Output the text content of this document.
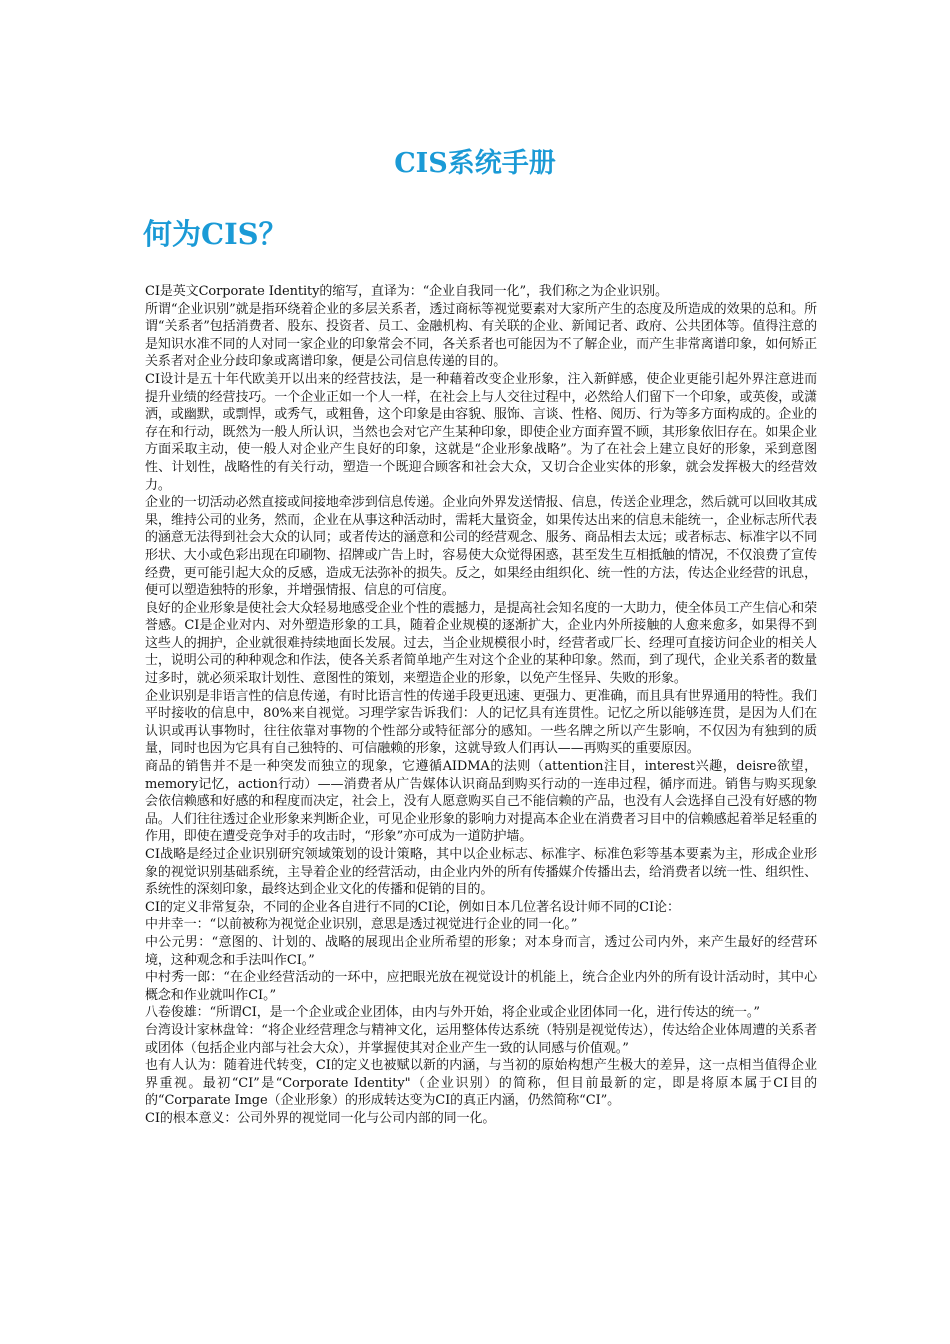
CIS系统手册
何为CIS？

CI是英文Corporate Identity的缩写，直译为：“企业自我同一化”，我们称之为企业识别。

所谓“企业识别”就是指环绕着企业的多层关系者，透过商标等视觉要素对大家所产生的态度及所造成的效果的总和。所谓“关系者”包括消费者、股东、投资者、员工、金融机构、有关联的企业、新闻记者、政府、公共团体等。值得注意的是知识水准不同的人对同一家企业的印象常会不同，各关系者也可能因为不了解企业，而产生非常离谱印象，如何矫正关系者对企业分歧印象或离谱印象，便是公司信息传递的目的。

CI设计是五十年代欧美开以出来的经营技法，是一种藉着改变企业形象，注入新鲜感，使企业更能引起外界注意进而提升业绩的经营技巧。一个企业正如一个人一样，在社会上与人交往过程中，必然给人们留下一个印象，或英俊，或潇洒，或幽默，或剽悍，或秀气，或粗鲁，这个印象是由容貌、服饰、言谈、性格、阅历、行为等多方面构成的。企业的存在和行动，既然为一般人所认识，当然也会对它产生某种印象，即使企业方面弃置不顾，其形象依旧存在。如果企业方面采取主动，使一般人对企业产生良好的印象，这就是“企业形象战略”。为了在社会上建立良好的形象，采到意图性、计划性，战略性的有关行动，塑造一个既迎合顾客和社会大众，又切合企业实体的形象，就会发挥极大的经营效力。

企业的一切活动必然直接或间接地牵涉到信息传递。企业向外界发送情报、信息，传送企业理念，然后就可以回收其成果，维持公司的业务，然而，企业在从事这种活动时，需耗大量资金，如果传达出来的信息未能统一，企业标志所代表的涵意无法得到社会大众的认同；或者传达的涵意和公司的经营观念、服务、商品相去太远；或者标志、标准字以不同形状、大小或色彩出现在印刷物、招牌或广告上时，容易使大众觉得困惑，甚至发生互相抵触的情况，不仅浪费了宣传经费，更可能引起大众的反感，造成无法弥补的损失。反之，如果经由组织化、统一性的方法，传达企业经营的讯息，便可以塑造独特的形象，并增强情报、信息的可信度。

良好的企业形象是使社会大众轻易地感受企业个性的震撼力，是提高社会知名度的一大助力，使全体员工产生信心和荣誉感。CI是企业对内、对外塑造形象的工具，随着企业规模的逐渐扩大，企业内外所接触的人愈来愈多，如果得不到这些人的拥护，企业就很难持续地面长发展。过去，当企业规模很小时，经营者或厂长、经理可直接访问企业的相关人士，说明公司的种种观念和作法，使各关系者简单地产生对这个企业的某种印象。然而，到了现代，企业关系者的数量过多时，就必须采取计划性、意图性的策划，来塑造企业的形象，以免产生怪异、失败的形象。

企业识别是非语言性的信息传递，有时比语言性的传递手段更迅速、更强力、更准确，而且具有世界通用的特性。我们平时接收的信息中，80%来自视觉。习理学家告诉我们：人的记忆具有连贯性。记忆之所以能够连贯，是因为人们在认识或再认事物时，往往依靠对事物的个性部分或特征部分的感知。一些名牌之所以产生影响，不仅因为有独到的质量，同时也因为它具有自己独特的、可信融赖的形象，这就导致人们再认——再购买的重要原因。

商品的销售并不是一种突发而独立的现象，它遵循AIDMA的法则（attention注目，interest兴趣，deisre欲望，memory记忆，action行动）——消费者从广告媒体认识商品到购买行动的一连串过程，循序而进。销售与购买现象会依信赖感和好感的和程度而决定，社会上，没有人愿意购买自己不能信赖的产品，也没有人会选择自己没有好感的物品。人们往往透过企业形象来判断企业，可见企业形象的影响力对提高本企业在消费者习目中的信赖感起着举足轻重的作用，即使在遭受竞争对手的攻击时，“形象”亦可成为一道防护墙。

CI战略是经过企业识别研究领域策划的设计策略，其中以企业标志、标准字、标准色彩等基本要素为主，形成企业形象的视觉识别基础系统，主导着企业的经营活动，由企业内外的所有传播媒介传播出去，给消费者以统一性、组织性、系统性的深刻印象，最终达到企业文化的传播和促销的目的。

CI的定义非常复杂，不同的企业各自进行不同的CI论，例如日本几位著名设计师不同的CI论：

中井幸一：“以前被称为视觉企业识别，意思是透过视觉进行企业的同一化。”

中公元男：“意图的、计划的、战略的展现出企业所希望的形象；对本身而言，透过公司内外，来产生最好的经营环境，这种观念和手法叫作CI。”

中村秀一郎：“在企业经营活动的一环中，应把眼光放在视觉设计的机能上，统合企业内外的所有设计活动时，其中心概念和作业就叫作CI。”

八卷俊雄：“所谓CI，是一个企业或企业团体，由内与外开始，将企业或企业团体同一化，进行传达的统一。”

台湾设计家林盘耸：“将企业经营理念与精神文化，运用整体传达系统（特别是视觉传达），传达给企业体周遭的关系者或团体（包括企业内部与社会大众），并掌握使其对企业产生一致的认同感与价值观。”

也有人认为：随着进代转变，CI的定义也被赋以新的内涵，与当初的原始构想产生极大的差异，这一点相当值得企业界重视。最初“CI”是“Corporate Identity"（企业识别）的简称，但目前最新的定，即是将原本属于CI目的的“Corparate Imge（企业形象）的形成转达变为CI的真正内涵，仍然简称“CI”。

CI的根本意义：公司外界的视觉同一化与公司内部的同一化。
